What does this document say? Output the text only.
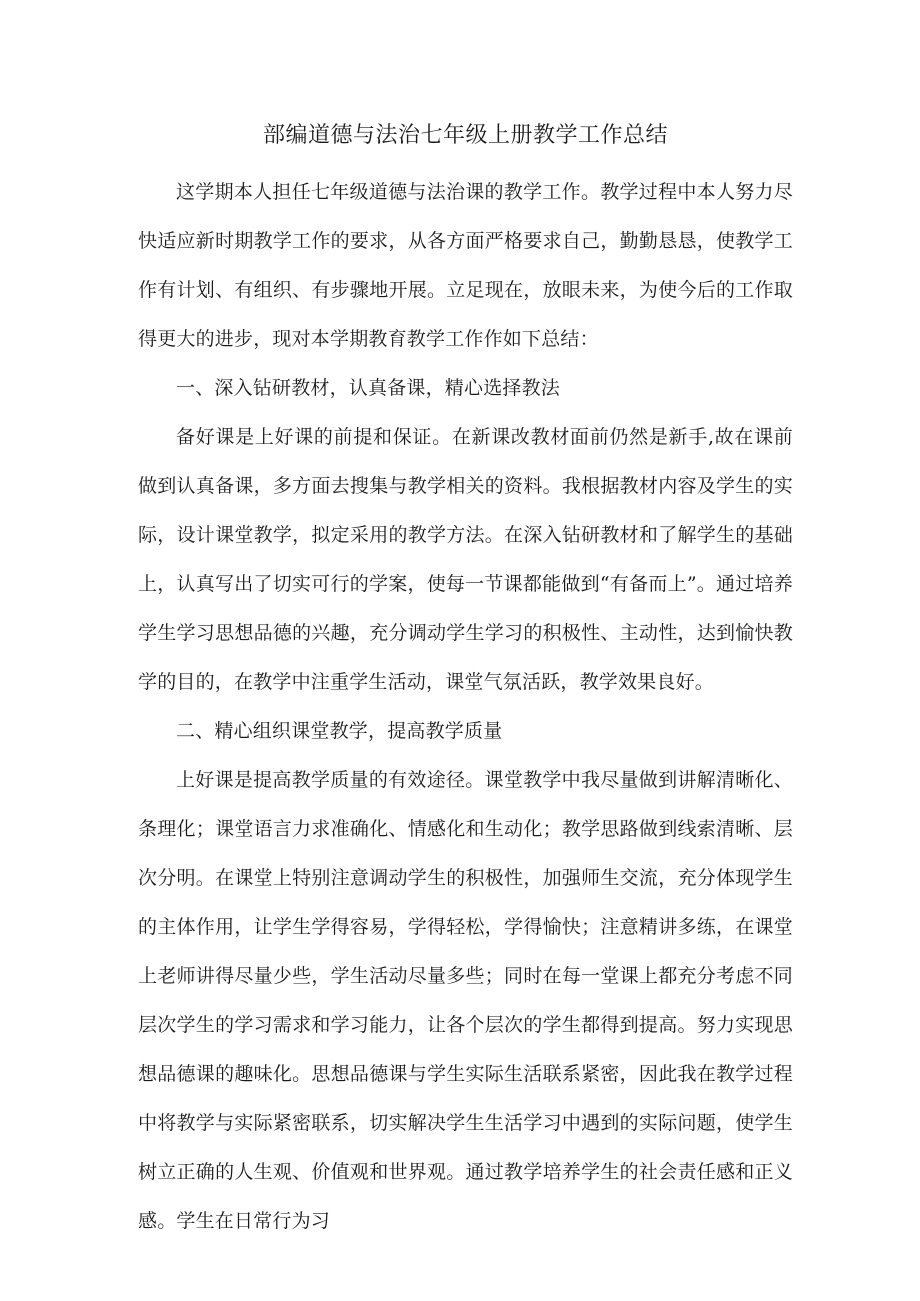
部编道德与法治七年级上册教学工作总结

这学期本人担任七年级道德与法治课的教学工作。教学过程中本人努力尽快适应新时期教学工作的要求，从各方面严格要求自己，勤勤恳恳，使教学工作有计划、有组织、有步骤地开展。立足现在，放眼未来，为使今后的工作取得更大的进步，现对本学期教育教学工作作如下总结：

一、深入钻研教材，认真备课，精心选择教法

备好课是上好课的前提和保证。在新课改教材面前仍然是新手,故在课前做到认真备课，多方面去搜集与教学相关的资料。我根据教材内容及学生的实际，设计课堂教学，拟定采用的教学方法。在深入钻研教材和了解学生的基础上，认真写出了切实可行的学案，使每一节课都能做到“有备而上”。通过培养学生学习思想品德的兴趣，充分调动学生学习的积极性、主动性，达到愉快教学的目的，在教学中注重学生活动，课堂气氛活跃，教学效果良好。

二、精心组织课堂教学，提高教学质量

上好课是提高教学质量的有效途径。课堂教学中我尽量做到讲解清晰化、条理化；课堂语言力求准确化、情感化和生动化；教学思路做到线索清晰、层次分明。在课堂上特别注意调动学生的积极性，加强师生交流，充分体现学生的主体作用，让学生学得容易，学得轻松，学得愉快；注意精讲多练，在课堂上老师讲得尽量少些，学生活动尽量多些；同时在每一堂课上都充分考虑不同层次学生的学习需求和学习能力，让各个层次的学生都得到提高。努力实现思想品德课的趣味化。思想品德课与学生实际生活联系紧密，因此我在教学过程中将教学与实际紧密联系，切实解决学生生活学习中遇到的实际问题，使学生树立正确的人生观、价值观和世界观。通过教学培养学生的社会责任感和正义感。学生在日常行为习
